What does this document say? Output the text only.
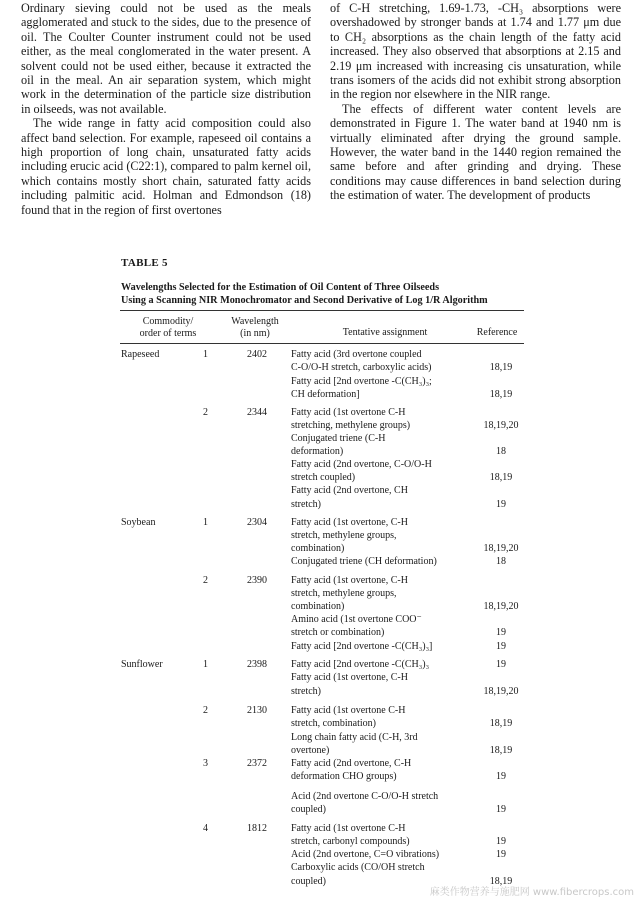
Ordinary sieving could not be used as the meals agglomerated and stuck to the sides, due to the presence of oil. The Coulter Counter instrument could not be used either, as the meal conglomerated in the water present. A solvent could not be used either, because it extracted the oil in the meal. An air separation system, which might work in the determination of the particle size distribution in oilseeds, was not available.

The wide range in fatty acid composition could also affect band selection. For example, rapeseed oil contains a high proportion of long chain, unsaturated fatty acids including erucic acid (C22:1), compared to palm kernel oil, which contains mostly short chain, saturated fatty acids including palmitic acid. Holman and Edmondson (18) found that in the region of first overtones

of C-H stretching, 1.69-1.73, -CH₃ absorptions were overshadowed by stronger bands at 1.74 and 1.77 μm due to CH₂ absorptions as the chain length of the fatty acid increased. They also observed that absorptions at 2.15 and 2.19 μm increased with increasing cis unsaturation, while trans isomers of the acids did not exhibit strong absorption in the region nor elsewhere in the NIR range.

The effects of different water content levels are demonstrated in Figure 1. The water band at 1940 nm is virtually eliminated after drying the ground sample. However, the water band in the 1440 region remained the same before and after grinding and drying. These conditions may cause differences in band selection during the estimation of water. The development of products

TABLE 5
Wavelengths Selected for the Estimation of Oil Content of Three Oilseeds
Using a Scanning NIR Monochromator and Second Derivative of Log 1/R Algorithm
Commodity/
order of terms
Wavelength
(in nm)	Tentative assignment	Reference
Rapeseed	1	2402	Fatty acid (3rd overtone coupled
C-O/O-H stretch, carboxylic acids)	18,19
Fatty acid [2nd overtone -C(CH₃)₃;
CH deformation]	18,19
2	2344	Fatty acid (1st overtone C-H
stretching, methylene groups)	18,19,20
Conjugated triene (C-H
deformation)	18
Fatty acid (2nd overtone, C-O/O-H
stretch coupled)	18,19
Fatty acid (2nd overtone, CH
stretch)	19
Soybean	1	2304	Fatty acid (1st overtone, C-H
stretch, methylene groups,
combination)	18,19,20
Conjugated triene (CH deformation)	18
2	2390	Fatty acid (1st overtone, C-H
stretch, methylene groups,
combination)	18,19,20
Amino acid (1st overtone COO⁻
stretch or combination)	19
Fatty acid [2nd overtone -C(CH₃)₃]	19
Sunflower	1	2398	Fatty acid [2nd overtone -C(CH₃)₃	19
Fatty acid (1st overtone, C-H
stretch)	18,19,20
2	2130	Fatty acid (1st overtone C-H
stretch, combination)	18,19
Long chain fatty acid (C-H, 3rd
overtone)	18,19
3	2372	Fatty acid (2nd overtone, C-H
deformation CHO groups)	19
Acid (2nd overtone C-O/O-H stretch
coupled)	19
4	1812	Fatty acid (1st overtone C-H
stretch, carbonyl compounds)	19
Acid (2nd overtone, C=O vibrations)	19
Carboxylic acids (CO/OH stretch
coupled)	18,19
麻类作物营养与施肥网 www.fibercrops.com
